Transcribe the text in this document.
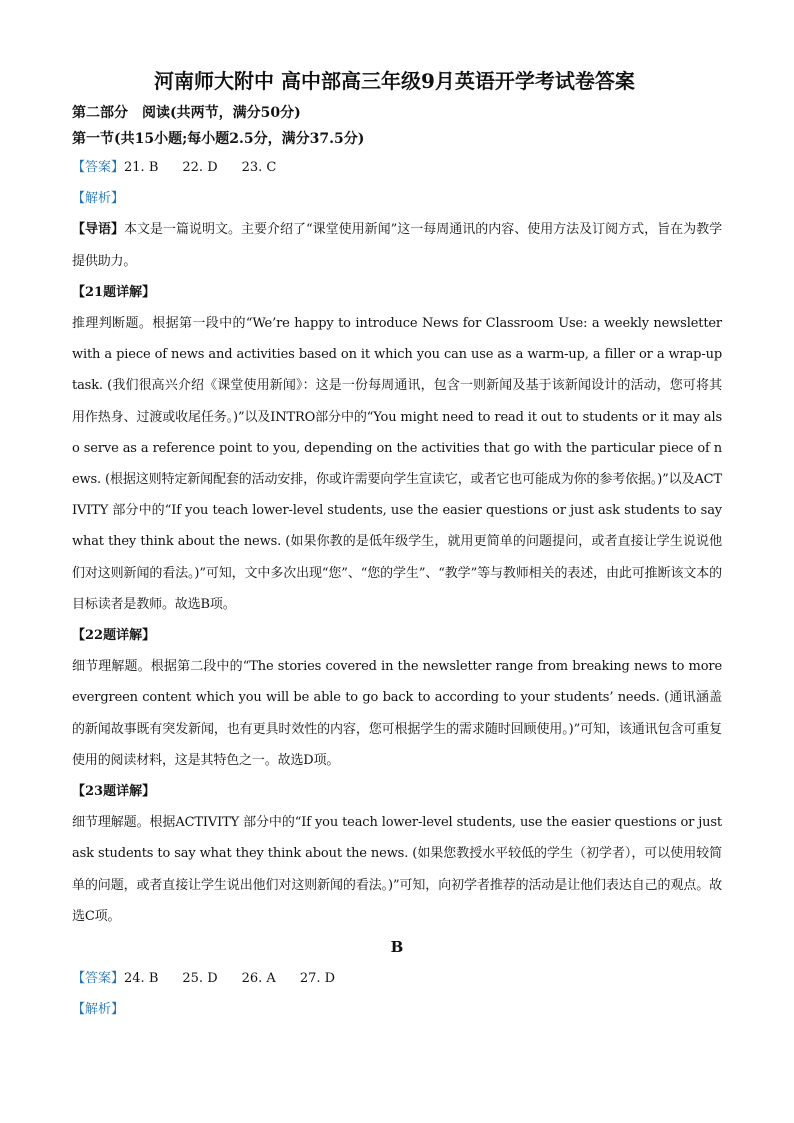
河南师大附中 高中部高三年级9月英语开学考试卷答案
第二部分　阅读(共两节，满分50分)
第一节(共15小题;每小题2.5分，满分37.5分)
【答案】21. B 22. D 23. C
【解析】
【导语】本文是一篇说明文。主要介绍了“课堂使用新闻”这一每周通讯的内容、使用方法及订阅方式，旨在为教学提供助力。
【21题详解】
推理判断题。根据第一段中的“We’re happy to introduce News for Classroom Use: a weekly newsletter with a piece of news and activities based on it which you can use as a warm-up, a filler or a wrap-up task. (我们很高兴介绍《课堂使用新闻》：这是一份每周通讯，包含一则新闻及基于该新闻设计的活动，您可将其用作热身、过渡或收尾任务。)”以及INTRO部分中的“You might need to read it out to students or it may also serve as a reference point to you, depending on the activities that go with the particular piece of news. (根据这则特定新闻配套的活动安排，你或许需要向学生宣读它，或者它也可能成为你的参考依据。)”以及ACTIVITY 部分中的“If you teach lower-level students, use the easier questions or just ask students to say what they think about the news. (如果你教的是低年级学生，就用更简单的问题提问，或者直接让学生说说他们对这则新闻的看法。)”可知，文中多次出现“您”、“您的学生”、“教学”等与教师相关的表述，由此可推断该文本的目标读者是教师。故选B项。
【22题详解】
细节理解题。根据第二段中的“The stories covered in the newsletter range from breaking news to more evergreen content which you will be able to go back to according to your students’ needs. (通讯涵盖的新闻故事既有突发新闻，也有更具时效性的内容，您可根据学生的需求随时回顾使用。)”可知，该通讯包含可重复使用的阅读材料，这是其特色之一。故选D项。
【23题详解】
细节理解题。根据ACTIVITY 部分中的“If you teach lower-level students, use the easier questions or just ask students to say what they think about the news. (如果您教授水平较低的学生（初学者），可以使用较简单的问题，或者直接让学生说出他们对这则新闻的看法。)”可知，向初学者推荐的活动是让他们表达自己的观点。故选C项。
B
【答案】24. B 25. D 26. A 27. D
【解析】
